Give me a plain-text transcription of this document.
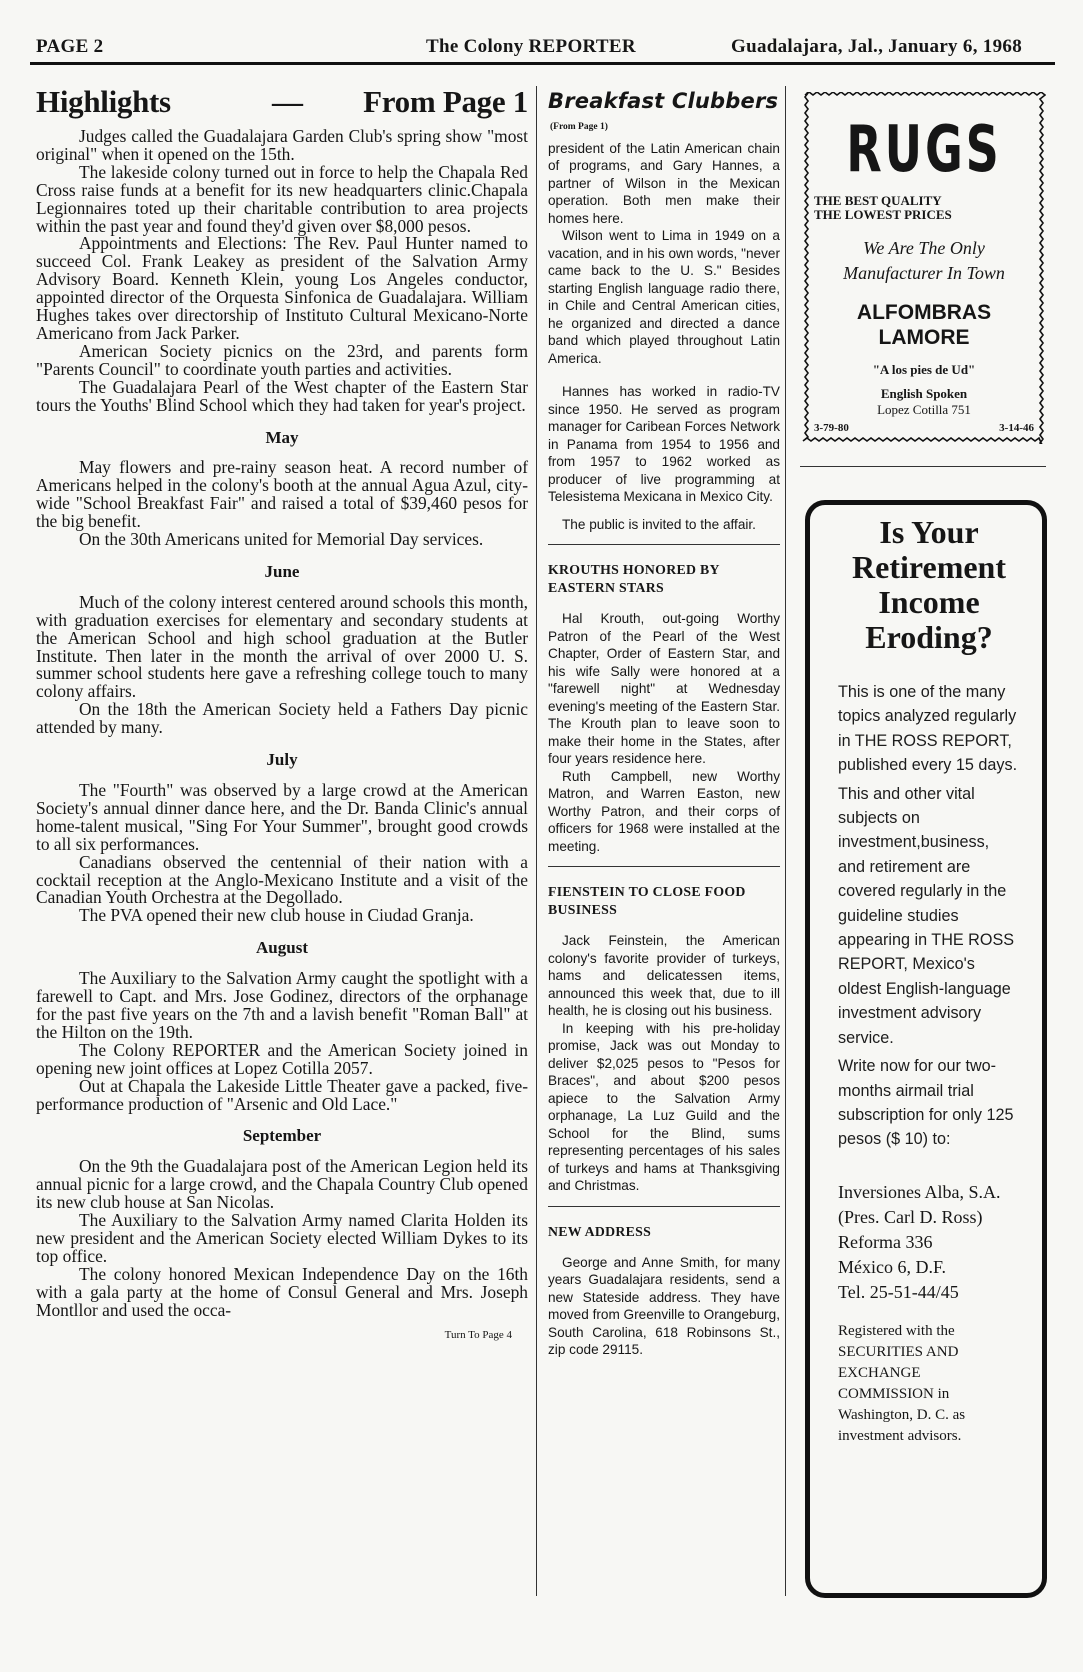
PAGE 2	The Colony REPORTER	Guadalajara, Jal., January 6, 1968
Highlights	— From Page 1

Judges called the Guadalajara Garden Club's spring show "most original" when it opened on the 15th.

The lakeside colony turned out in force to help the Chapala Red Cross raise funds at a benefit for its new headquarters clinic.Chapala Legionnaires toted up their charitable contribution to area projects within the past year and found they'd given over $8,000 pesos.

Appointments and Elections: The Rev. Paul Hunter named to succeed Col. Frank Leakey as president of the Salvation Army Advisory Board. Kenneth Klein, young Los Angeles conductor, appointed director of the Orquesta Sinfonica de Guadalajara. William Hughes takes over directorship of Instituto Cultural Mexicano-Norte Americano from Jack Parker.

American Society picnics on the 23rd, and parents form "Parents Council" to coordinate youth parties and activities.

The Guadalajara Pearl of the West chapter of the Eastern Star tours the Youths' Blind School which they had taken for year's project.

May

May flowers and pre-rainy season heat. A record number of Americans helped in the colony's booth at the annual Agua Azul, city-wide "School Breakfast Fair" and raised a total of $39,460 pesos for the big benefit.

On the 30th Americans united for Memorial Day services.

June

Much of the colony interest centered around schools this month, with graduation exercises for elementary and secondary students at the American School and high school graduation at the Butler Institute. Then later in the month the arrival of over 2000 U. S. summer school students here gave a refreshing college touch to many colony affairs.

On the 18th the American Society held a Fathers Day picnic attended by many.

July

The "Fourth" was observed by a large crowd at the American Society's annual dinner dance here, and the Dr. Banda Clinic's annual home-talent musical, "Sing For Your Summer", brought good crowds to all six performances.

Canadians observed the centennial of their nation with a cocktail reception at the Anglo-Mexicano Institute and a visit of the Canadian Youth Orchestra at the Degollado.

The PVA opened their new club house in Ciudad Granja.

August

The Auxiliary to the Salvation Army caught the spotlight with a farewell to Capt. and Mrs. Jose Godinez, directors of the orphanage for the past five years on the 7th and a lavish benefit "Roman Ball" at the Hilton on the 19th.

The Colony REPORTER and the American Society joined in opening new joint offices at Lopez Cotilla 2057.

Out at Chapala the Lakeside Little Theater gave a packed, five-performance production of "Arsenic and Old Lace."

September

On the 9th the Guadalajara post of the American Legion held its annual picnic for a large crowd, and the Chapala Country Club opened its new club house at San Nicolas.

The Auxiliary to the Salvation Army named Clarita Holden its new president and the American Society elected William Dykes to its top office.

The colony honored Mexican Independence Day on the 16th with a gala party at the home of Consul General and Mrs. Joseph Montllor and used the occa-

Turn To Page 4
Breakfast Clubbers
(From Page 1)

president of the Latin American chain of programs, and Gary Hannes, a partner of Wilson in the Mexican operation. Both men make their homes here.

Wilson went to Lima in 1949 on a vacation, and in his own words, "never came back to the U. S." Besides starting English language radio there, in Chile and Central American cities, he organized and directed a dance band which played throughout Latin America.

Hannes has worked in radio-TV since 1950. He served as program manager for Caribean Forces Network in Panama from 1954 to 1956 and from 1957 to 1962 worked as producer of live programming at Telesistema Mexicana in Mexico City.

The public is invited to the affair.

KROUTHS HONORED BY EASTERN STARS

Hal Krouth, out-going Worthy Patron of the Pearl of the West Chapter, Order of Eastern Star, and his wife Sally were honored at a "farewell night" at Wednesday evening's meeting of the Eastern Star. The Krouth plan to leave soon to make their home in the States, after four years residence here.

Ruth Campbell, new Worthy Matron, and Warren Easton, new Worthy Patron, and their corps of officers for 1968 were installed at the meeting.

FIENSTEIN TO CLOSE FOOD BUSINESS

Jack Feinstein, the American colony's favorite provider of turkeys, hams and delicatessen items, announced this week that, due to ill health, he is closing out his business.

In keeping with his pre-holiday promise, Jack was out Monday to deliver $2,025 pesos to "Pesos for Braces", and about $200 pesos apiece to the Salvation Army orphanage, La Luz Guild and the School for the Blind, sums representing percentages of his sales of turkeys and hams at Thanksgiving and Christmas.

NEW ADDRESS

George and Anne Smith, for many years Guadalajara residents, send a new Stateside address. They have moved from Greenville to Orangeburg, South Carolina, 618 Robinsons St., zip code 29115.

RUGS
THE BEST QUALITY
THE LOWEST PRICES
We Are The Only Manufacturer In Town
ALFOMBRAS LAMORE
"A los pies de Ud"
English Spoken
Lopez Cotilla 751
3-79-80	3-14-46
Is Your Retirement Income Eroding?
This is one of the many topics analyzed regularly in THE ROSS REPORT, published every 15 days.
This and other vital subjects on investment,business, and retirement are covered regularly in the guideline studies appearing in THE ROSS REPORT, Mexico's oldest English-language investment advisory service.
Write now for our two-months airmail trial subscription for only 125 pesos ($ 10) to:
Inversiones Alba, S.A.
(Pres. Carl D. Ross)
Reforma 336
México 6, D.F.
Tel. 25-51-44/45
Registered with the SECURITIES AND EXCHANGE COMMISSION in Washington, D. C. as investment advisors.
